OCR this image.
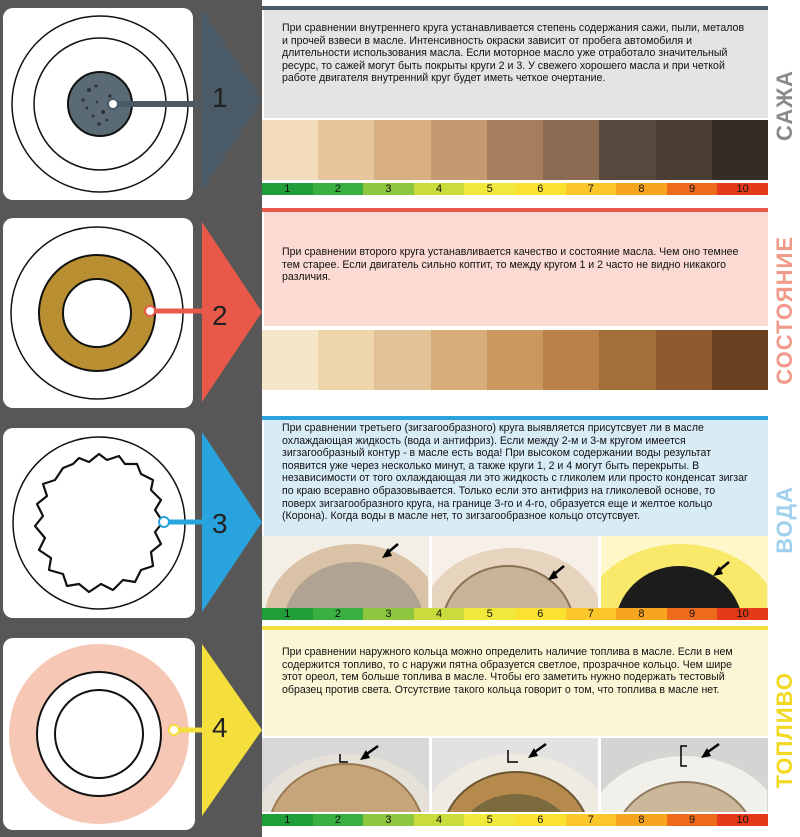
1

При сравнении внутреннего круга устанавливается степень содержания сажи, пыли, металов и прочей взвеси в масле. Интенсивность окраски зависит от пробега автомобиля и длительности использования масла. Если моторное масло уже отработало значительный ресурс, то сажей могут быть покрыты круги 2 и 3. У свежего хорошего масла и при четкой работе двигателя внутренний круг будет иметь четкое очертание.

1	2	3	4	5	6	7	8	9	10
САЖА
2

При сравнении второго круга устанавливается качество и состояние масла. Чем оно темнее тем старее. Если двигатель сильно коптит, то между кругом 1 и 2 часто не видно никакого различия.	СОСТОЯНИЕ
3

При сравнении третьего (зигзагообразного) круга выявляется присутсвует ли в масле охлаждающая жидкость (вода и антифриз). Если между 2-м и 3-м кругом имеется зигзагообразный контур - в масле есть вода! При высоком содержании воды результат появится уже через несколько минут, а также круги 1, 2 и 4 могут быть перекрыты. В независимости от того охлаждающая ли это жидкость с гликолем или просто конденсат зигзаг по краю всеравно образовывается. Только если это антифриз на гликолевой основе, то поверх зигзагообразного круга, на границе 3-го и 4-го, образуется еще и желтое кольцо (Корона). Когда воды в масле нет, то зигзагообразное кольцо отсутсвует.

1	2	3	4	5	6	7	8	9	10
ВОДА
4

При сравнении наружного кольца можно определить наличие топлива в масле. Если в нем содержится топливо, то с наружи пятна образуется светлое, прозрачное кольцо. Чем шире этот ореол, тем больше топлива в масле. Чтобы его заметить нужно подержать тестовый образец против света. Отсутствие такого кольца говорит о том, что топлива в масле нет.

1	2	3	4	5	6	7	8	9	10
ТОПЛИВО
